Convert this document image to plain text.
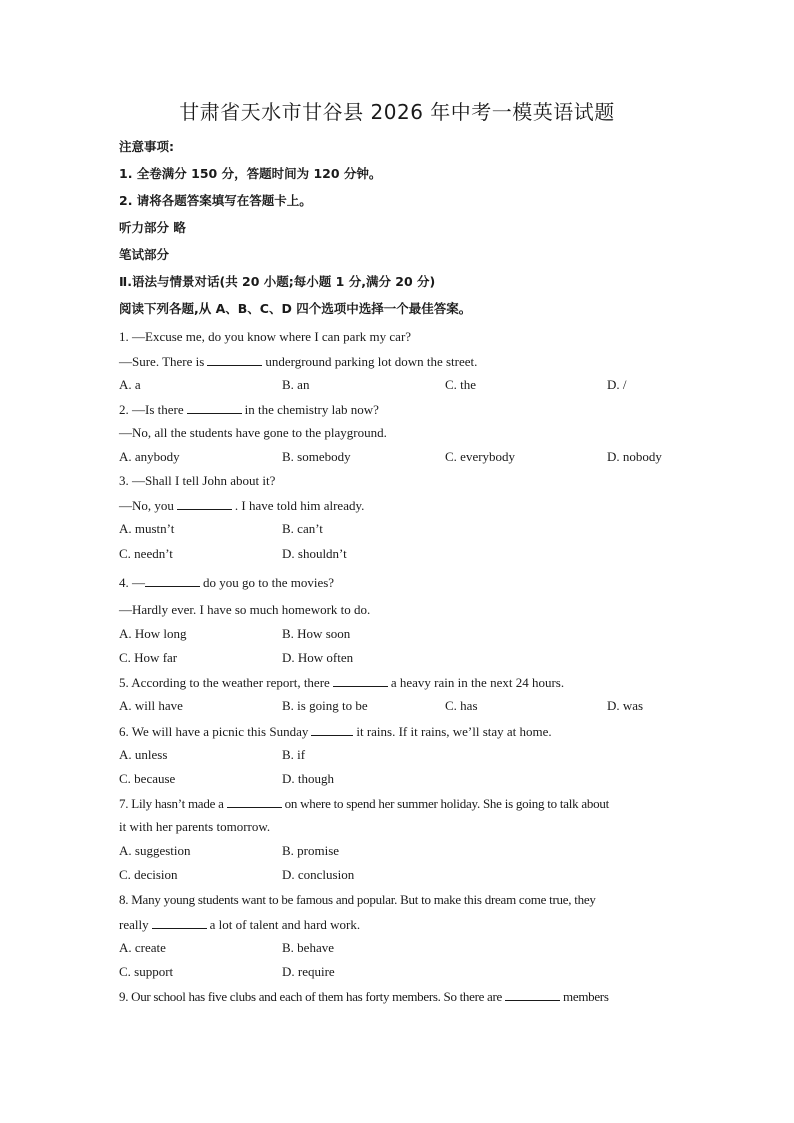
甘肃省天水市甘谷县 2026 年中考一模英语试题
注意事项:
1. 全卷满分 150 分，答题时间为 120 分钟。
2. 请将各题答案填写在答题卡上。
听力部分 略
笔试部分
Ⅱ.语法与情景对话(共 20 小题;每小题 1 分,满分 20 分)
阅读下列各题,从 A、B、C、D 四个选项中选择一个最佳答案。
1. —Excuse me, do you know where I can park my car?
—Sure. There is	underground parking lot down the street.
A. a	B. an	C. the	D. /
2. —Is there	in the chemistry lab now?
—No, all the students have gone to the playground.
A. anybody	B. somebody	C. everybody	D. nobody
3. —Shall I tell John about it?
—No, you	. I have told him already.
A. mustn’t	B. can’t
C. needn’t	D. shouldn’t
4. —	do you go to the movies?
—Hardly ever. I have so much homework to do.
A. How long	B. How soon
C. How far	D. How often
5. According to the weather report, there	a heavy rain in the next 24 hours.
A. will have	B. is going to be	C. has	D. was
6. We will have a picnic this Sunday	it rains. If it rains, we’ll stay at home.
A. unless	B. if
C. because	D. though
7. Lily hasn’t made a	on where to spend her summer holiday. She is going to talk about
it with her parents tomorrow.
A. suggestion	B. promise
C. decision	D. conclusion
8. Many young students want to be famous and popular. But to make this dream come true, they
really	a lot of talent and hard work.
A. create	B. behave
C. support	D. require
9. Our school has five clubs and each of them has forty members. So there are	members
